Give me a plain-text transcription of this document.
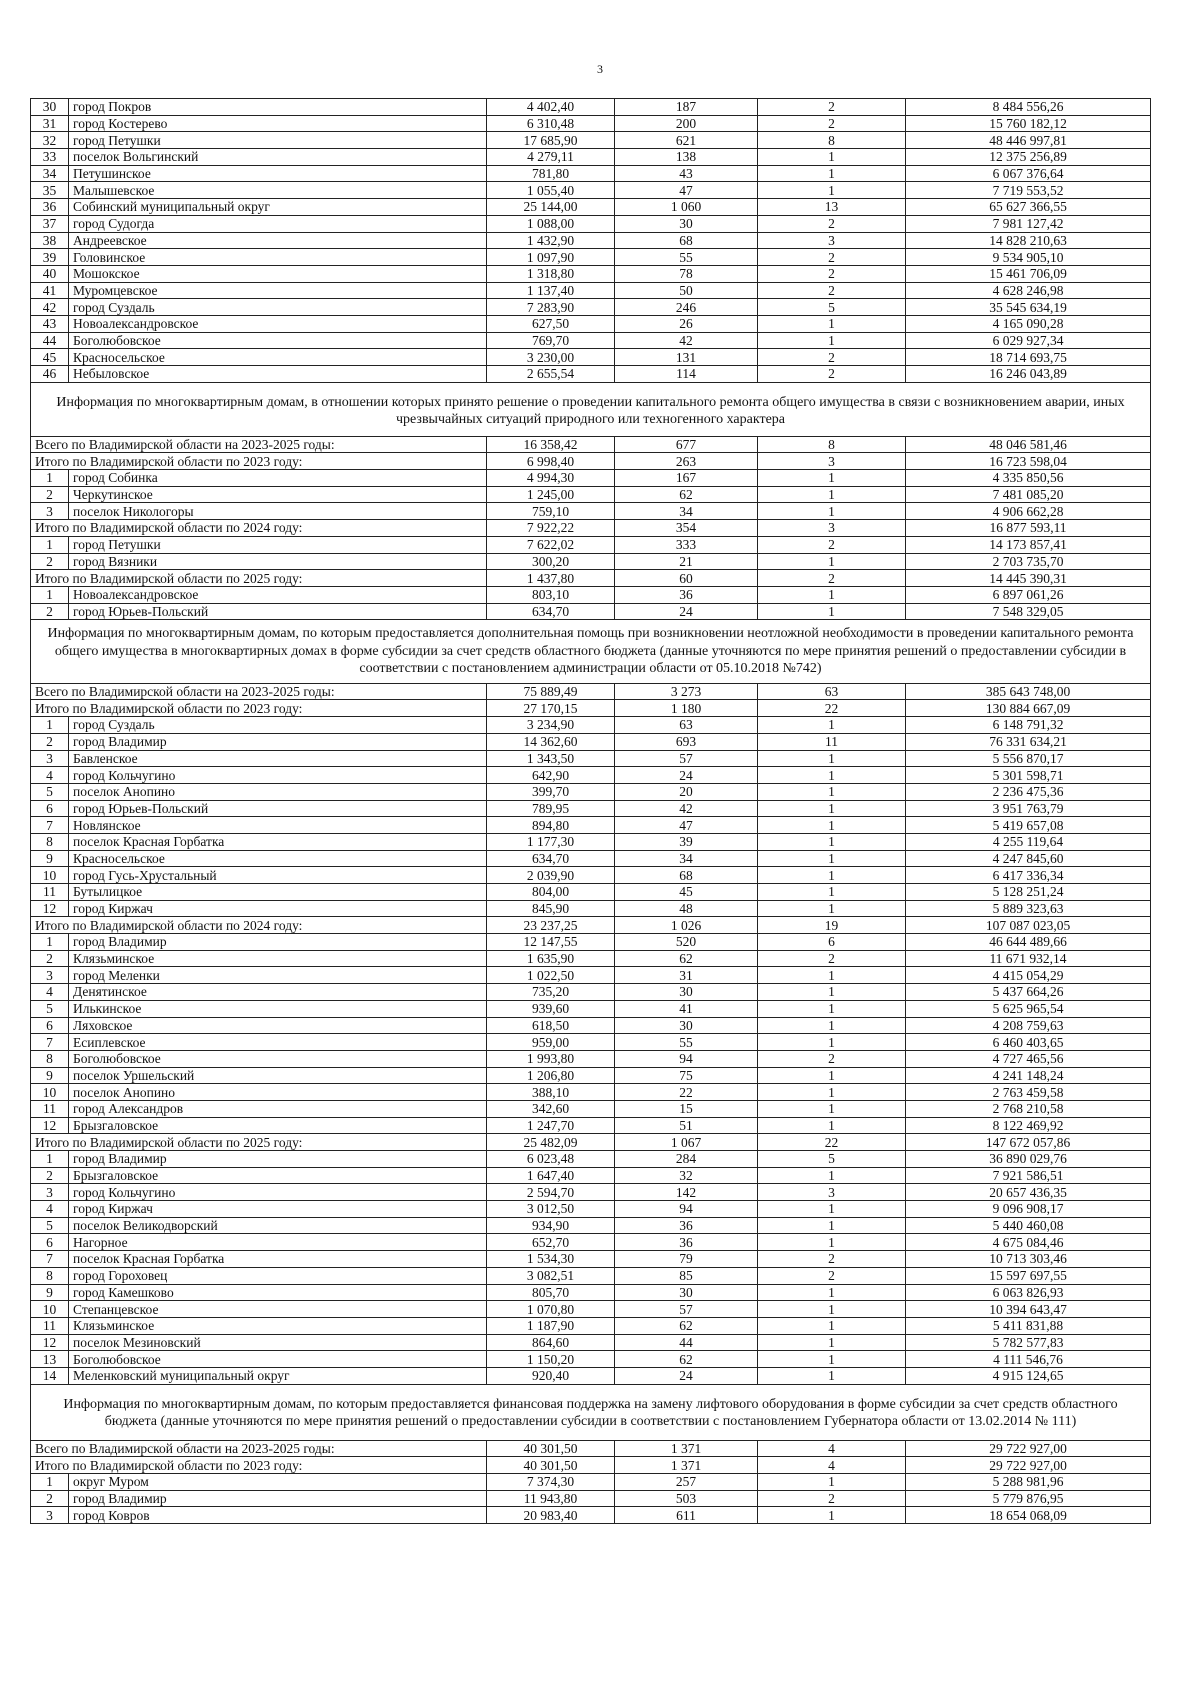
3
30	город Покров	4 402,40	187	2	8 484 556,26
31	город Костерево	6 310,48	200	2	15 760 182,12
32	город Петушки	17 685,90	621	8	48 446 997,81
33	поселок Вольгинский	4 279,11	138	1	12 375 256,89
34	Петушинское	781,80	43	1	6 067 376,64
35	Малышевское	1 055,40	47	1	7 719 553,52
36	Собинский муниципальный округ	25 144,00	1 060	13	65 627 366,55
37	город Судогда	1 088,00	30	2	7 981 127,42
38	Андреевское	1 432,90	68	3	14 828 210,63
39	Головинское	1 097,90	55	2	9 534 905,10
40	Мошокское	1 318,80	78	2	15 461 706,09
41	Муромцевское	1 137,40	50	2	4 628 246,98
42	город Суздаль	7 283,90	246	5	35 545 634,19
43	Новоалександровское	627,50	26	1	4 165 090,28
44	Боголюбовское	769,70	42	1	6 029 927,34
45	Красносельское	3 230,00	131	2	18 714 693,75
46	Небыловское	2 655,54	114	2	16 246 043,89
Информация по многоквартирным домам, в отношении которых принято решение о проведении капитального ремонта общего имущества в связи с возникновением аварии, иных чрезвычайных ситуаций природного или техногенного характера					
Всего по Владимирской области на 2023-2025 годы:		16 358,42	677	8	48 046 581,46
Итого по Владимирской области по 2023 году:		6 998,40	263	3	16 723 598,04
1	город Собинка	4 994,30	167	1	4 335 850,56
2	Черкутинское	1 245,00	62	1	7 481 085,20
3	поселок Никологоры	759,10	34	1	4 906 662,28
Итого по Владимирской области по 2024 году:		7 922,22	354	3	16 877 593,11
1	город Петушки	7 622,02	333	2	14 173 857,41
2	город Вязники	300,20	21	1	2 703 735,70
Итого по Владимирской области по 2025 году:		1 437,80	60	2	14 445 390,31
1	Новоалександровское	803,10	36	1	6 897 061,26
2	город Юрьев-Польский	634,70	24	1	7 548 329,05
Информация по многоквартирным домам, по которым предоставляется дополнительная помощь при возникновении неотложной необходимости в проведении капитального ремонта общего имущества в многоквартирных домах в форме субсидии за счет средств областного бюджета (данные уточняются по мере принятия решений о предоставлении субсидии в соответствии с постановлением администрации области от 05.10.2018 №742)					
Всего по Владимирской области на 2023-2025 годы:		75 889,49	3 273	63	385 643 748,00
Итого по Владимирской области по 2023 году:		27 170,15	1 180	22	130 884 667,09
1	город Суздаль	3 234,90	63	1	6 148 791,32
2	город Владимир	14 362,60	693	11	76 331 634,21
3	Бавленское	1 343,50	57	1	5 556 870,17
4	город Кольчугино	642,90	24	1	5 301 598,71
5	поселок Анопино	399,70	20	1	2 236 475,36
6	город Юрьев-Польский	789,95	42	1	3 951 763,79
7	Новлянское	894,80	47	1	5 419 657,08
8	поселок Красная Горбатка	1 177,30	39	1	4 255 119,64
9	Красносельское	634,70	34	1	4 247 845,60
10	город Гусь-Хрустальный	2 039,90	68	1	6 417 336,34
11	Бутылицкое	804,00	45	1	5 128 251,24
12	город Киржач	845,90	48	1	5 889 323,63
Итого по Владимирской области по 2024 году:		23 237,25	1 026	19	107 087 023,05
1	город Владимир	12 147,55	520	6	46 644 489,66
2	Клязьминское	1 635,90	62	2	11 671 932,14
3	город Меленки	1 022,50	31	1	4 415 054,29
4	Денятинское	735,20	30	1	5 437 664,26
5	Илькинское	939,60	41	1	5 625 965,54
6	Ляховское	618,50	30	1	4 208 759,63
7	Есиплевское	959,00	55	1	6 460 403,65
8	Боголюбовское	1 993,80	94	2	4 727 465,56
9	поселок Уршельский	1 206,80	75	1	4 241 148,24
10	поселок Анопино	388,10	22	1	2 763 459,58
11	город Александров	342,60	15	1	2 768 210,58
12	Брызгаловское	1 247,70	51	1	8 122 469,92
Итого по Владимирской области по 2025 году:		25 482,09	1 067	22	147 672 057,86
1	город Владимир	6 023,48	284	5	36 890 029,76
2	Брызгаловское	1 647,40	32	1	7 921 586,51
3	город Кольчугино	2 594,70	142	3	20 657 436,35
4	город Киржач	3 012,50	94	1	9 096 908,17
5	поселок Великодворский	934,90	36	1	5 440 460,08
6	Нагорное	652,70	36	1	4 675 084,46
7	поселок Красная Горбатка	1 534,30	79	2	10 713 303,46
8	город Гороховец	3 082,51	85	2	15 597 697,55
9	город Камешково	805,70	30	1	6 063 826,93
10	Степанцевское	1 070,80	57	1	10 394 643,47
11	Клязьминское	1 187,90	62	1	5 411 831,88
12	поселок Мезиновский	864,60	44	1	5 782 577,83
13	Боголюбовское	1 150,20	62	1	4 111 546,76
14	Меленковский муниципальный округ	920,40	24	1	4 915 124,65
Информация по многоквартирным домам, по которым предоставляется финансовая поддержка на замену лифтового оборудования в форме субсидии за счет средств областного бюджета (данные уточняются по мере принятия решений о предоставлении субсидии в соответствии с постановлением Губернатора области от 13.02.2014 № 111)					
Всего по Владимирской области на 2023-2025 годы:		40 301,50	1 371	4	29 722 927,00
Итого по Владимирской области по 2023 году:		40 301,50	1 371	4	29 722 927,00
1	округ Муром	7 374,30	257	1	5 288 981,96
2	город Владимир	11 943,80	503	2	5 779 876,95
3	город Ковров	20 983,40	611	1	18 654 068,09
